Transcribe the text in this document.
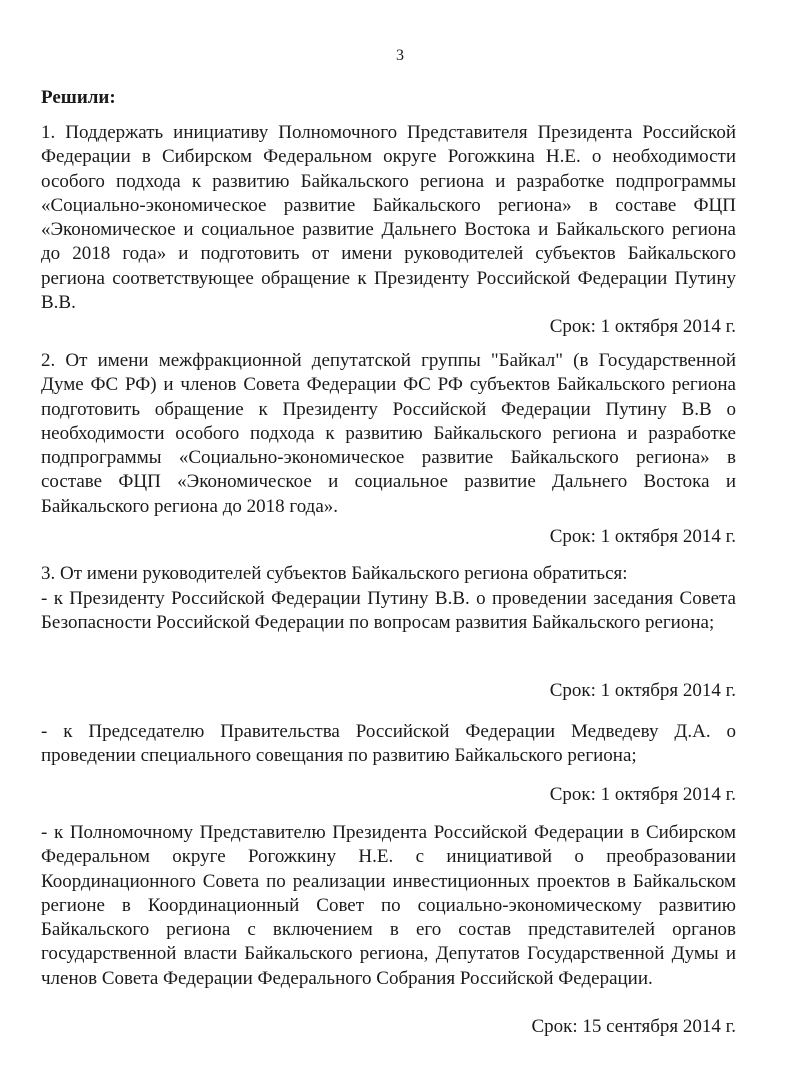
3
Решили:
1. Поддержать инициативу Полномочного Представителя Президента Российской Федерации в Сибирском Федеральном округе Рогожкина Н.Е. о необходимости особого подхода к развитию Байкальского региона и разработке подпрограммы «Социально-экономическое развитие Байкальского региона» в составе ФЦП «Экономическое и социальное развитие Дальнего Востока и Байкальского региона до 2018 года» и подготовить от имени руководителей субъектов Байкальского региона соответствующее обращение к Президенту Российской Федерации Путину В.В.
Срок: 1 октября 2014 г.
2. От имени межфракционной депутатской группы "Байкал" (в Государственной Думе ФС РФ) и членов Совета Федерации ФС РФ субъектов Байкальского региона подготовить обращение к Президенту Российской Федерации Путину В.В о необходимости особого подхода к развитию Байкальского региона и разработке подпрограммы «Социально-экономическое развитие Байкальского региона» в составе ФЦП «Экономическое и социальное развитие Дальнего Востока и Байкальского региона до 2018 года».
Срок: 1 октября 2014 г.
3. От имени руководителей субъектов Байкальского региона обратиться:
- к Президенту Российской Федерации Путину В.В. о проведении заседания Совета Безопасности Российской Федерации по вопросам развития Байкальского региона;
Срок: 1 октября 2014 г.
- к Председателю Правительства Российской Федерации Медведеву Д.А. о проведении специального совещания по развитию Байкальского региона;
Срок: 1 октября 2014 г.
- к Полномочному Представителю Президента Российской Федерации в Сибирском Федеральном округе Рогожкину Н.Е. с инициативой о преобразовании Координационного Совета по реализации инвестиционных проектов в Байкальском регионе в Координационный Совет по социально-экономическому развитию Байкальского региона с включением в его состав представителей органов государственной власти Байкальского региона, Депутатов Государственной Думы и членов Совета Федерации Федерального Собрания Российской Федерации.
Срок: 15 сентября 2014 г.
